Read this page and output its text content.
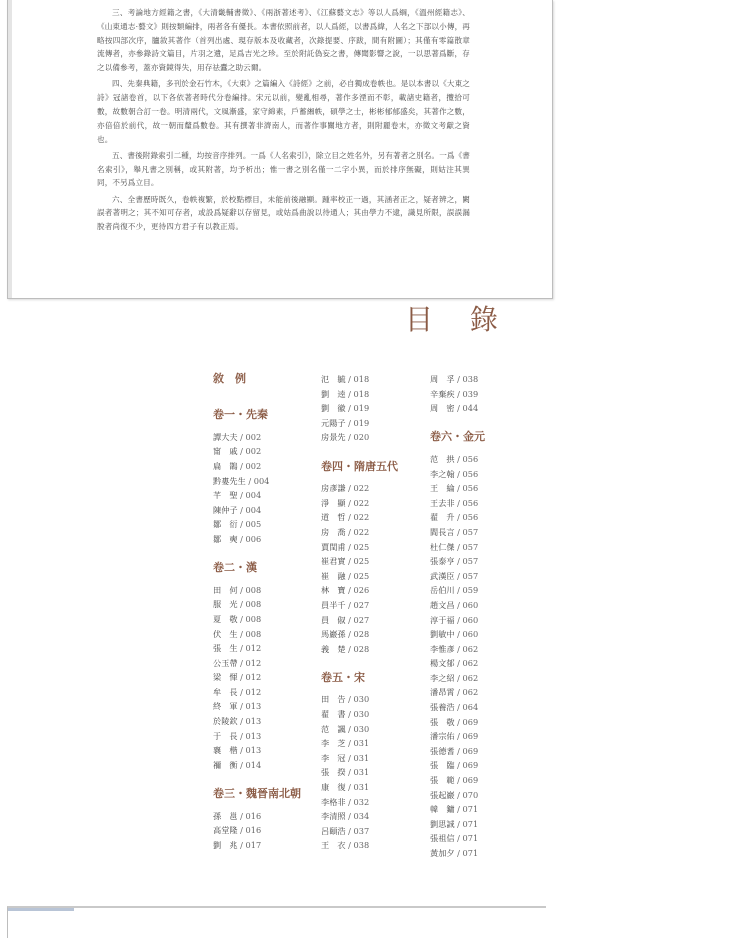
三、考論地方經籍之書，《大清畿輔書徵》、《兩浙著述考》、《江蘇藝文志》等以人爲綱，《溫州經籍志》、《山東通志·藝文》則按類編排，兩者各有優長。本書依照前者，以人爲經，以書爲緯，人名之下部以小傳，再略按四部次序，臚敘其著作（首列出處、現存版本及收藏者，次錄提要、序跋，間有附圖）；其僅有零篇散章流傳者，亦參錄詩文篇目，片羽之遺，足爲吉光之珍。至於附託偽妄之書，傳聞影響之說，一以思著爲斷，存之以備參考，蓋亦資鏡得失，用存祛蠹之助云爾。

四、先秦典籍，多刊於金石竹木，《大東》之篇編入《詩經》之前，必自獨成卷帙也。是以本書以《大東之詩》冠諸卷首，以下各依著者時代分卷編排。宋元以前，變亂相尋，著作多湮而不彰，載諸史籍者，攬拾可數，故數朝合訂一卷。明清兩代，文風漸盛，家守綿素，戶蓄緗帙，碩學之士，彬彬郁郁盛矣，其著作之數，亦倍倍於前代，故一朝而釐爲數卷。其有撰著非濟南人，而著作事關地方者，則附麗卷末，亦徵文考獻之資也。

五、書後附錄索引二種，均按音序排列。一爲《人名索引》，除立目之姓名外，另有著者之別名。一爲《書名索引》，舉凡書之別稱，或其附著，均予析出；惟一書之別名僅一二字小異，而於排序無礙，則姑注其異同，不另爲立目。

六、全書歷時既久，卷帙複繁，於校點標目，未能前後融顯。踵率校正一過，其涵者正之，疑者辨之，闕誤者著明之；其不知可存者，或設爲疑辭以存留見，或姑爲曲說以待通人；其由學力不逮，識見所限，誤誤漏脫者尚復不少，更待四方君子有以教正焉。

目 錄
敘　例
卷一・先秦
譚大夫 / 002
甯　戚 / 002
扁　鵲 / 002
黔婁先生 / 004
芊　聖 / 004
陳仲子 / 004
鄒　衍 / 005
鄒　奭 / 006
卷二・漢
田　何 / 008
服　光 / 008
夏　敬 / 008
伏　生 / 008
張　生 / 012
公玉帶 / 012
梁　惲 / 012
牟　長 / 012
終　軍 / 013
於陵欽 / 013
于　長 / 013
襄　楷 / 013
禰　衡 / 014
卷三・魏晉南北朝
孫　邕 / 016
高堂隆 / 016
劉　兆 / 017
氾　毓 / 018
劉　逵 / 018
劉　徽 / 019
元陽子 / 019
房景先 / 020
卷四・隋唐五代
房彥謙 / 022
淨　顯 / 022
道　哲 / 022
房　喬 / 022
賈閏甫 / 025
崔君實 / 025
崔　融 / 025
林　寶 / 026
員半千 / 027
員　俶 / 027
馬巖孫 / 028
義　楚 / 028
卷五・宋
田　告 / 030
翟　書 / 030
范　諷 / 030
李　芝 / 031
李　冠 / 031
張　揆 / 031
康　復 / 031
李格非 / 032
李清照 / 034
呂頤浩 / 037
王　衣 / 038
周　孚 / 038
辛棄疾 / 039
周　密 / 044
卷六・金元
范　拱 / 056
李之翰 / 056
王　綸 / 056
王去非 / 056
翟　升 / 056
閻長言 / 057
杜仁傑 / 057
張泰亨 / 057
武漢臣 / 057
岳伯川 / 059
趙文昌 / 060
淳于福 / 060
劉敏中 / 060
李惟彥 / 062
楊文郁 / 062
李之紹 / 062
潘昂霄 / 062
張養浩 / 064
張　敬 / 069
潘宗佑 / 069
張德耆 / 069
張　臨 / 069
張　範 / 069
張起巖 / 070
韓　鏞 / 071
劉思誠 / 071
張祖信 / 071
黃加夕 / 071
